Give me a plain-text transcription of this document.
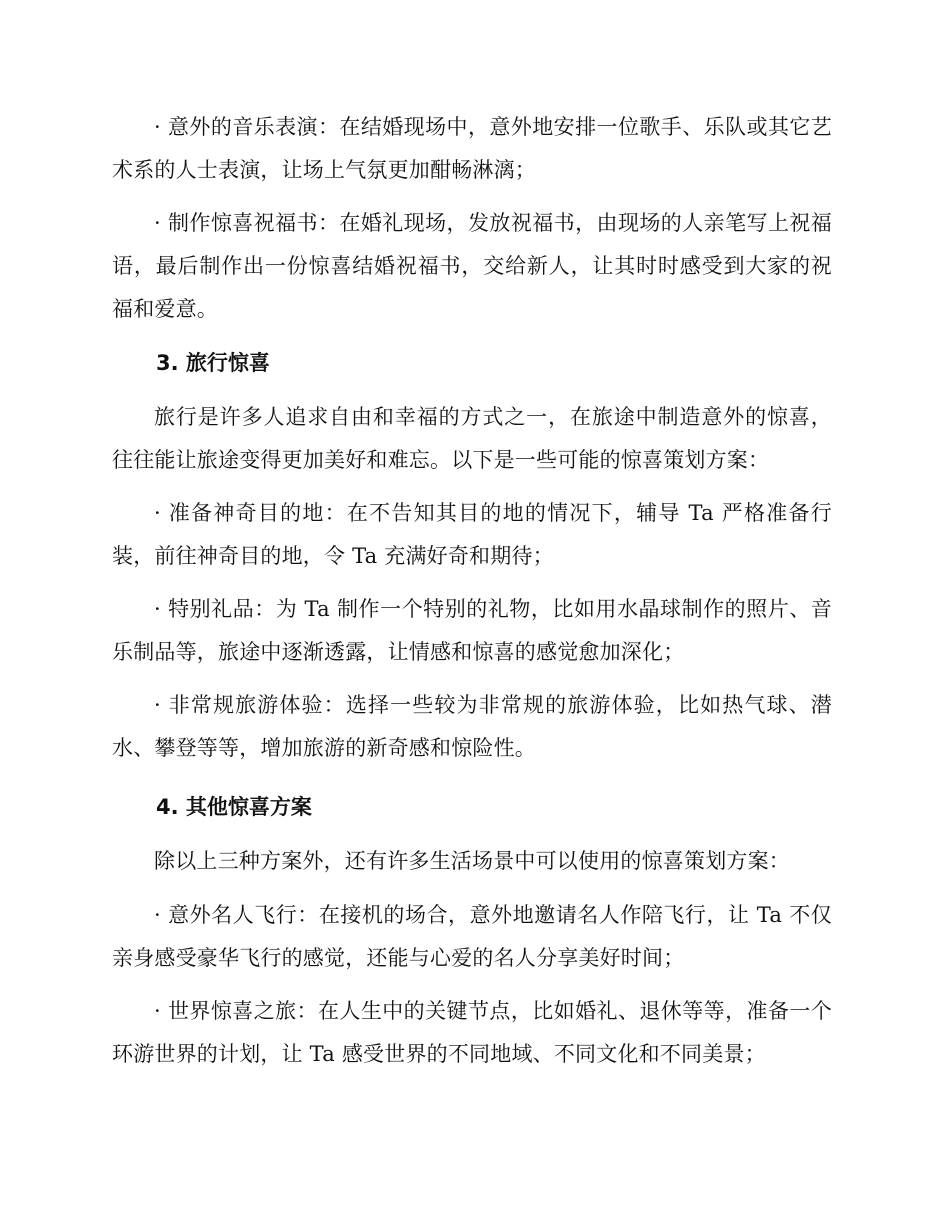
· 意外的音乐表演：在结婚现场中，意外地安排一位歌手、乐队或其它艺术系的人士表演，让场上气氛更加酣畅淋漓；

· 制作惊喜祝福书：在婚礼现场，发放祝福书，由现场的人亲笔写上祝福语，最后制作出一份惊喜结婚祝福书，交给新人，让其时时感受到大家的祝福和爱意。

3. 旅行惊喜

旅行是许多人追求自由和幸福的方式之一，在旅途中制造意外的惊喜，往往能让旅途变得更加美好和难忘。以下是一些可能的惊喜策划方案：

· 准备神奇目的地：在不告知其目的地的情况下，辅导 Ta 严格准备行装，前往神奇目的地，令 Ta 充满好奇和期待；

· 特别礼品：为 Ta 制作一个特别的礼物，比如用水晶球制作的照片、音乐制品等，旅途中逐渐透露，让情感和惊喜的感觉愈加深化；

· 非常规旅游体验：选择一些较为非常规的旅游体验，比如热气球、潜水、攀登等等，增加旅游的新奇感和惊险性。

4. 其他惊喜方案

除以上三种方案外，还有许多生活场景中可以使用的惊喜策划方案：

· 意外名人飞行：在接机的场合，意外地邀请名人作陪飞行，让 Ta 不仅亲身感受豪华飞行的感觉，还能与心爱的名人分享美好时间；

· 世界惊喜之旅：在人生中的关键节点，比如婚礼、退休等等，准备一个环游世界的计划，让 Ta 感受世界的不同地域、不同文化和不同美景；
